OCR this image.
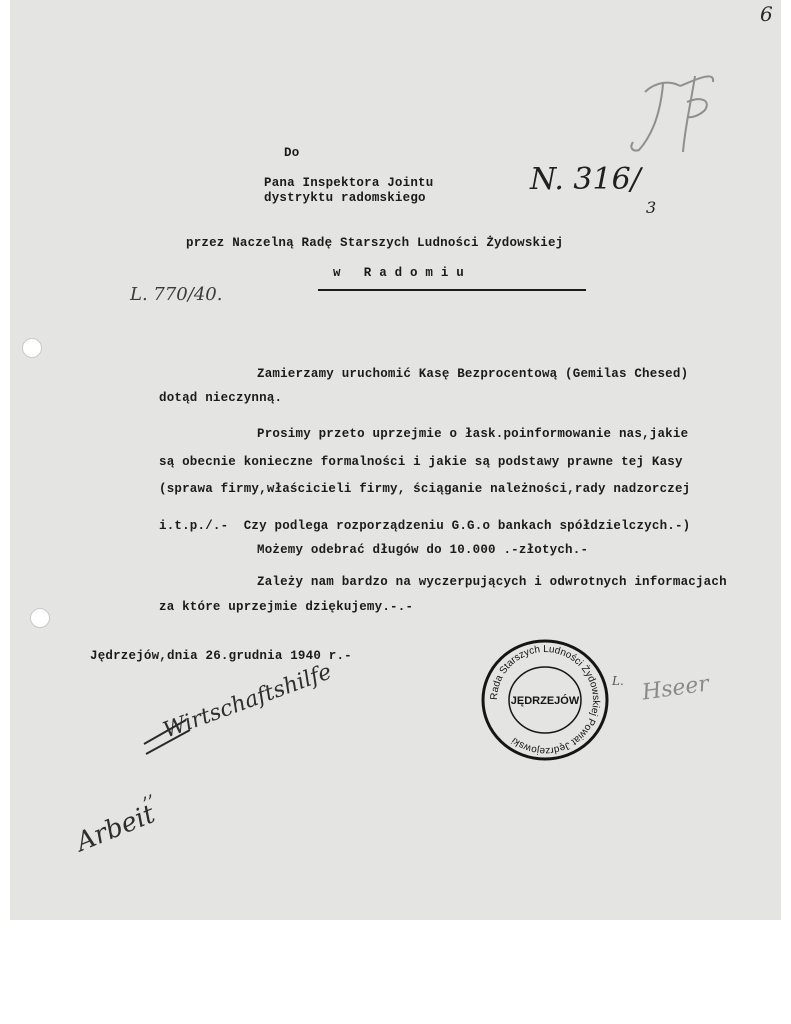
6
Do
Pana Inspektora Jointu
dystryktu radomskiego
N. 316/
3
przez Naczelną Radę Starszych Ludności Żydowskiej
w   R a d o m i u
L. 770/40.
Zamierzamy uruchomić Kasę Bezprocentową (Gemilas Chesed)
dotąd nieczynną.
Prosimy przeto uprzejmie o łask.poinformowanie nas,jakie
są obecnie konieczne formalności i jakie są podstawy prawne tej Kasy
(sprawa firmy,właścicieli firmy, ściąganie należności,rady nadzorczej
i.t.p./.-  Czy podlega rozporządzeniu G.G.o bankach spółdzielczych.-)
Możemy odebrać długów do 10.000 .-złotych.-
Zależy nam bardzo na wyczerpujących i odwrotnych informacjach
za które uprzejmie dziękujemy.-.-
Jędrzejów,dnia 26.grudnia 1940 r.-
Rada Starszych Ludności Żydowskiej Powiat Jędrzejowski
JĘDRZEJÓW	Hseer
L.
Wirtschaftshilfe
Arbeit
,,
